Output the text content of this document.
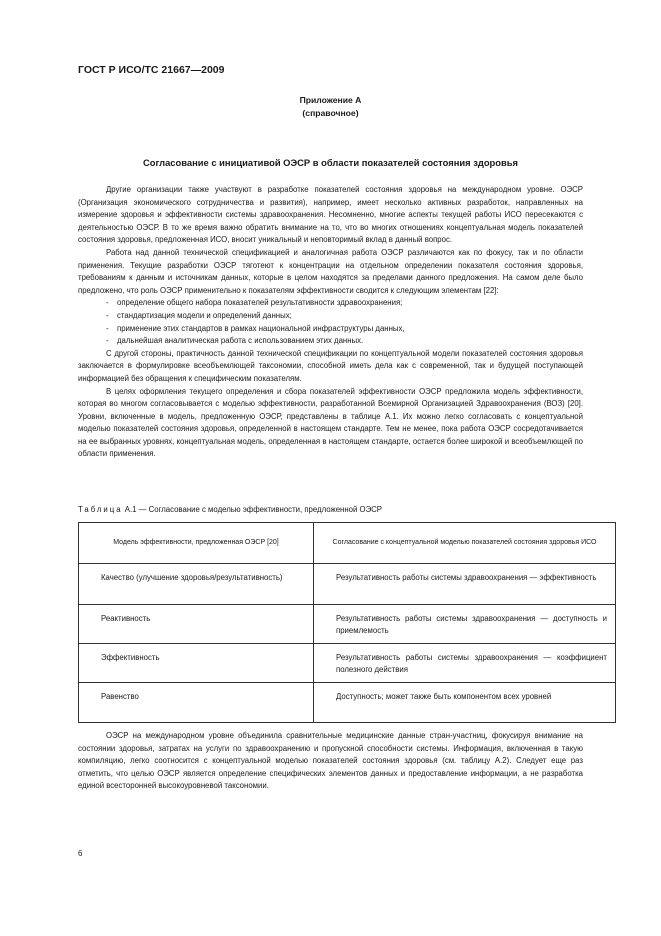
ГОСТ Р ИСО/ТС 21667—2009
Приложение А
(справочное)
Согласование с инициативой ОЭСР в области показателей состояния здоровья

Другие организации также участвуют в разработке показателей состояния здоровья на международном уровне. ОЭСР (Организация экономического сотрудничества и развития), например, имеет несколько активных разработок, направленных на измерение здоровья и эффективности системы здравоохранения. Несомненно, многие аспекты текущей работы ИСО пересекаются с деятельностью ОЭСР. В то же время важно обратить внимание на то, что во многих отношениях концептуальная модель показателей состояния здоровья, предложенная ИСО, вносит уникальный и неповторимый вклад в данный вопрос.

Работа над данной технической спецификацией и аналогичная работа ОЭСР различаются как по фокусу, так и по области применения. Текущие разработки ОЭСР тяготеют к концентрации на отдельном определении показателя состояния здоровья, требованиям к данным и источникам данных, которые в целом находятся за пределами данного предложения. На самом деле было предложено, что роль ОЭСР применительно к показателям эффективности сводится к следующим элементам [22]:

-	определение общего набора показателей результативности здравоохранения;
-	стандартизация модели и определений данных;
-	применение этих стандартов в рамках национальной инфраструктуры данных,
-	дальнейшая аналитическая работа с использованием этих данных.

С другой стороны, практичность данной технической спецификации по концептуальной модели показателей состояния здоровья заключается в формулировке всеобъемлющей таксономии, способной иметь дела как с современной, так и будущей поступающей информацией без обращения к специфическим показателям.

В целях оформления текущего определения и сбора показателей эффективности ОЭСР предложила модель эффективности, которая во многом согласовывается с моделью эффективности, разработанной Всемирной Организацией Здравоохранения (ВОЗ) [20]. Уровни, включенные в модель, предложенную ОЭСР, представлены в таблице А.1. Их можно легко согласовать с концептуальной моделью показателей состояния здоровья, определенной в настоящем стандарте. Тем не менее, пока работа ОЭСР сосредотачивается на ее выбранных уровнях, концептуальная модель, определенная в настоящем стандарте, остается более широкой и всеобъемлющей по области применения.

Таблица А.1 — Согласование с моделью эффективности, предложенной ОЭСР
Модель эффективности, предложенная ОЭСР [20]	Согласование с концептуальной моделью показателей состояния здоровья ИСО

Качество (улучшение здоровья/результативность)	Результативность работы системы здравоохранения — эффективность

Реактивность	Результативность работы системы здравоохранения — доступность и приемлемость

Эффективность	Результативность работы системы здравоохранения — коэффициент полезного действия

Равенство	Доступность; может также быть компонентом всех уровней

ОЭСР на международном уровне объединила сравнительные медицинские данные стран-участниц, фокусируя внимание на состоянии здоровья, затратах на услуги по здравоохранению и пропускной способности системы. Информация, включенная в такую компиляцию, легко соотносится с концептуальной моделью показателей состояния здоровья (см. таблицу А.2). Следует еще раз отметить, что целью ОЭСР является определение специфических элементов данных и предоставление информации, а не разработка единой всесторонней высокоуровневой таксономии.

6
